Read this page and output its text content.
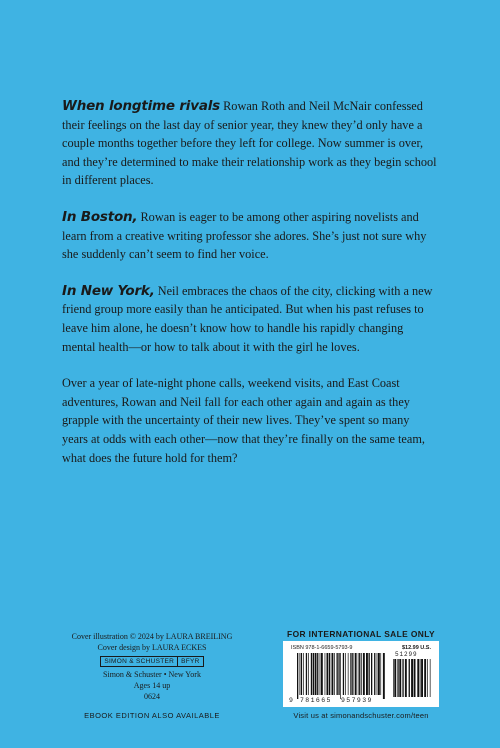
When longtime rivals Rowan Roth and Neil McNair confessed their feelings on the last day of senior year, they knew they’d only have a couple months together before they left for college. Now summer is over, and they’re determined to make their relationship work as they begin school in different places.

In Boston, Rowan is eager to be among other aspiring novelists and learn from a creative writing professor she adores. She’s just not sure why she suddenly can’t seem to find her voice.

In New York, Neil embraces the chaos of the city, clicking with a new friend group more easily than he anticipated. But when his past refuses to leave him alone, he doesn’t know how to handle his rapidly changing mental health—or how to talk about it with the girl he loves.

Over a year of late-night phone calls, weekend visits, and East Coast adventures, Rowan and Neil fall for each other again and again as they grapple with the uncertainty of their new lives. They’ve spent so many years at odds with each other—now that they’re finally on the same team, what does the future hold for them?

Cover illustration © 2024 by LAURA BREILING
Cover design by LAURA ECKES
SIMON & SCHUSTER BFYR
Simon & Schuster • New York
Ages 14 up
0624
EBOOK EDITION ALSO AVAILABLE
FOR INTERNATIONAL SALE ONLY
ISBN 978-1-6659-5793-9	$12.99 U.S.
9 781665 957939
51299
Visit us at simonandschuster.com/teen
